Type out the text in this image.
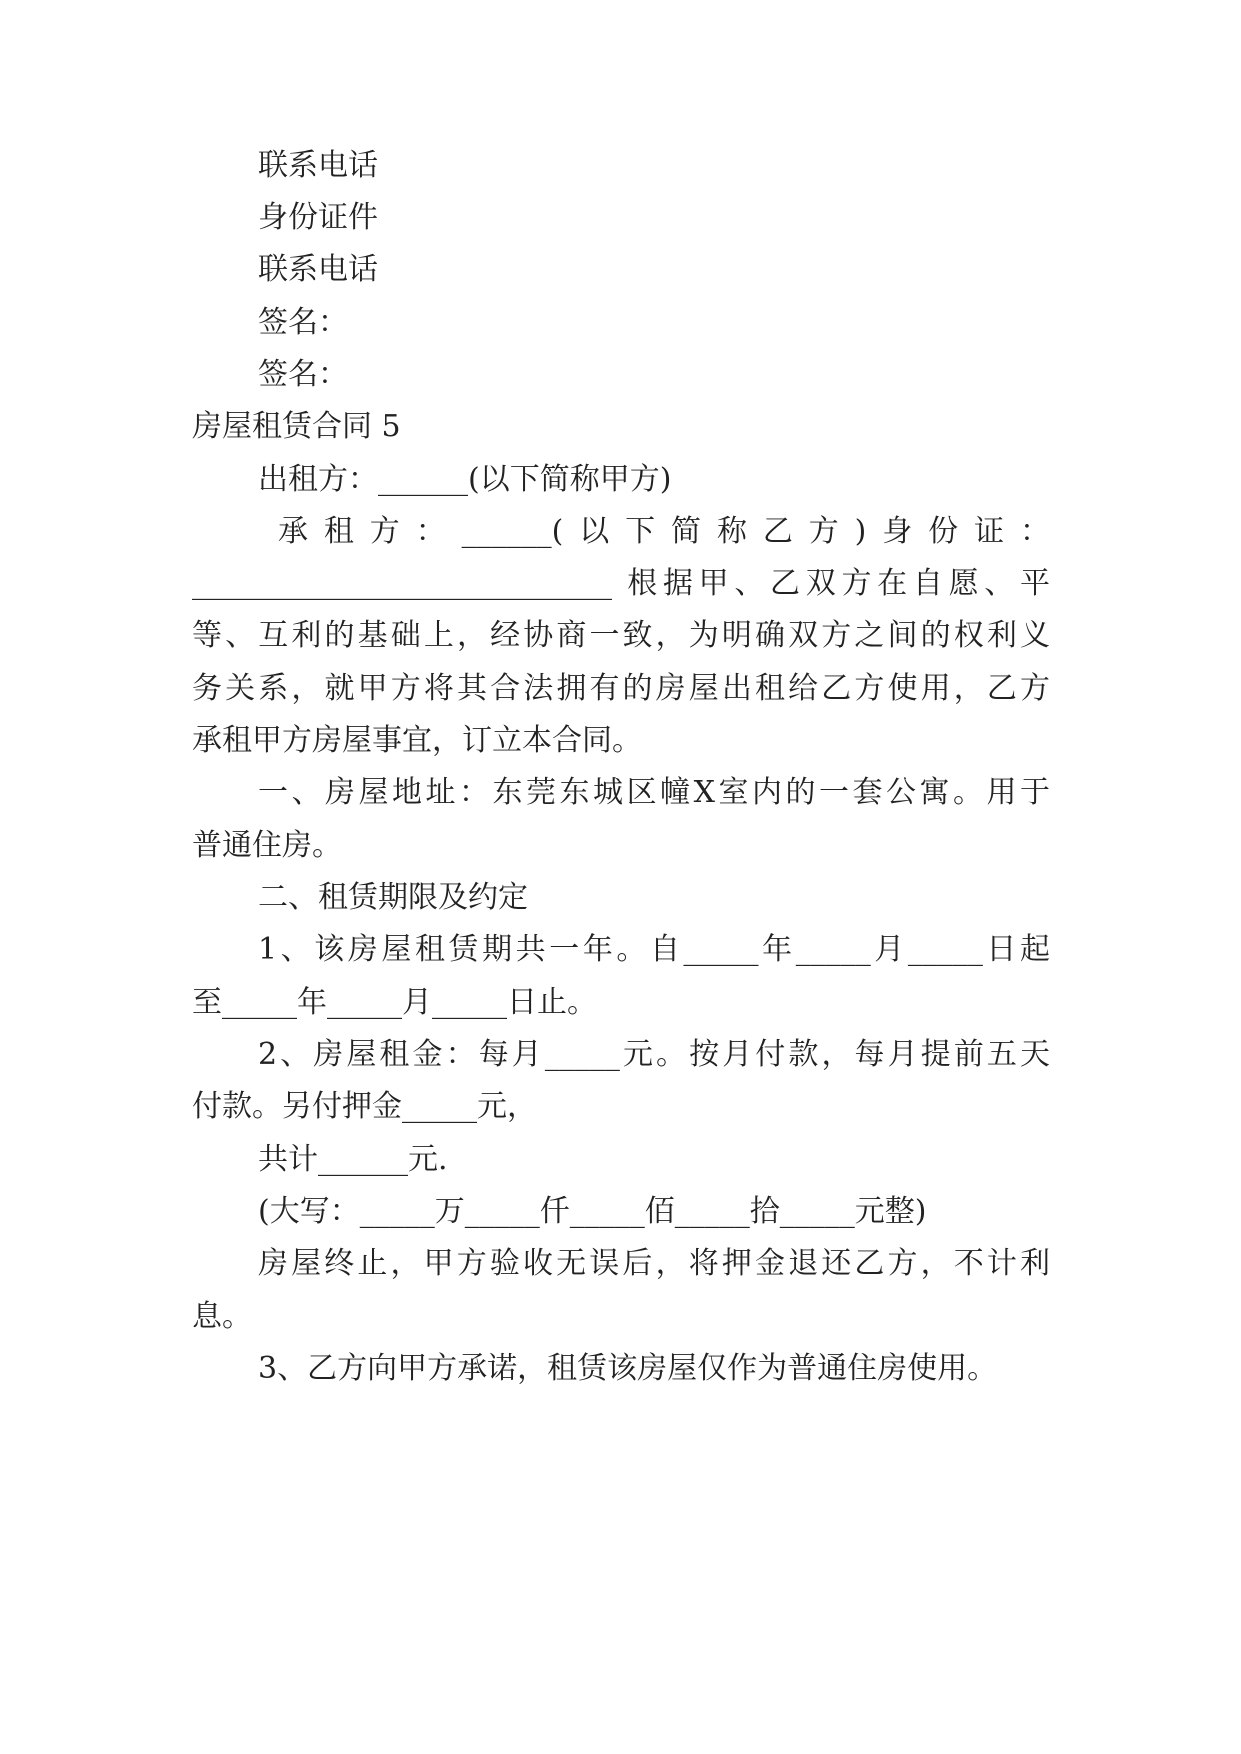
联系电话

身份证件

联系电话

签名：

签名：

房屋租赁合同 5

出租方：______(以下简称甲方)

承租方：______(以下简称乙方)身份证：

____________________________ 根据甲、乙双方在自愿、平

等、互利的基础上，经协商一致，为明确双方之间的权利义

务关系，就甲方将其合法拥有的房屋出租给乙方使用，乙方

承租甲方房屋事宜，订立本合同。

一、房屋地址：东莞东城区幢X室内的一套公寓。用于

普通住房。

二、租赁期限及约定

1、该房屋租赁期共一年。自_____年_____月_____日起

至_____年_____月_____日止。

2、房屋租金：每月_____元。按月付款，每月提前五天

付款。另付押金_____元，

共计______元.

(大写：_____万_____仟_____佰_____拾_____元整)

房屋终止，甲方验收无误后，将押金退还乙方，不计利

息。

3、乙方向甲方承诺，租赁该房屋仅作为普通住房使用。
